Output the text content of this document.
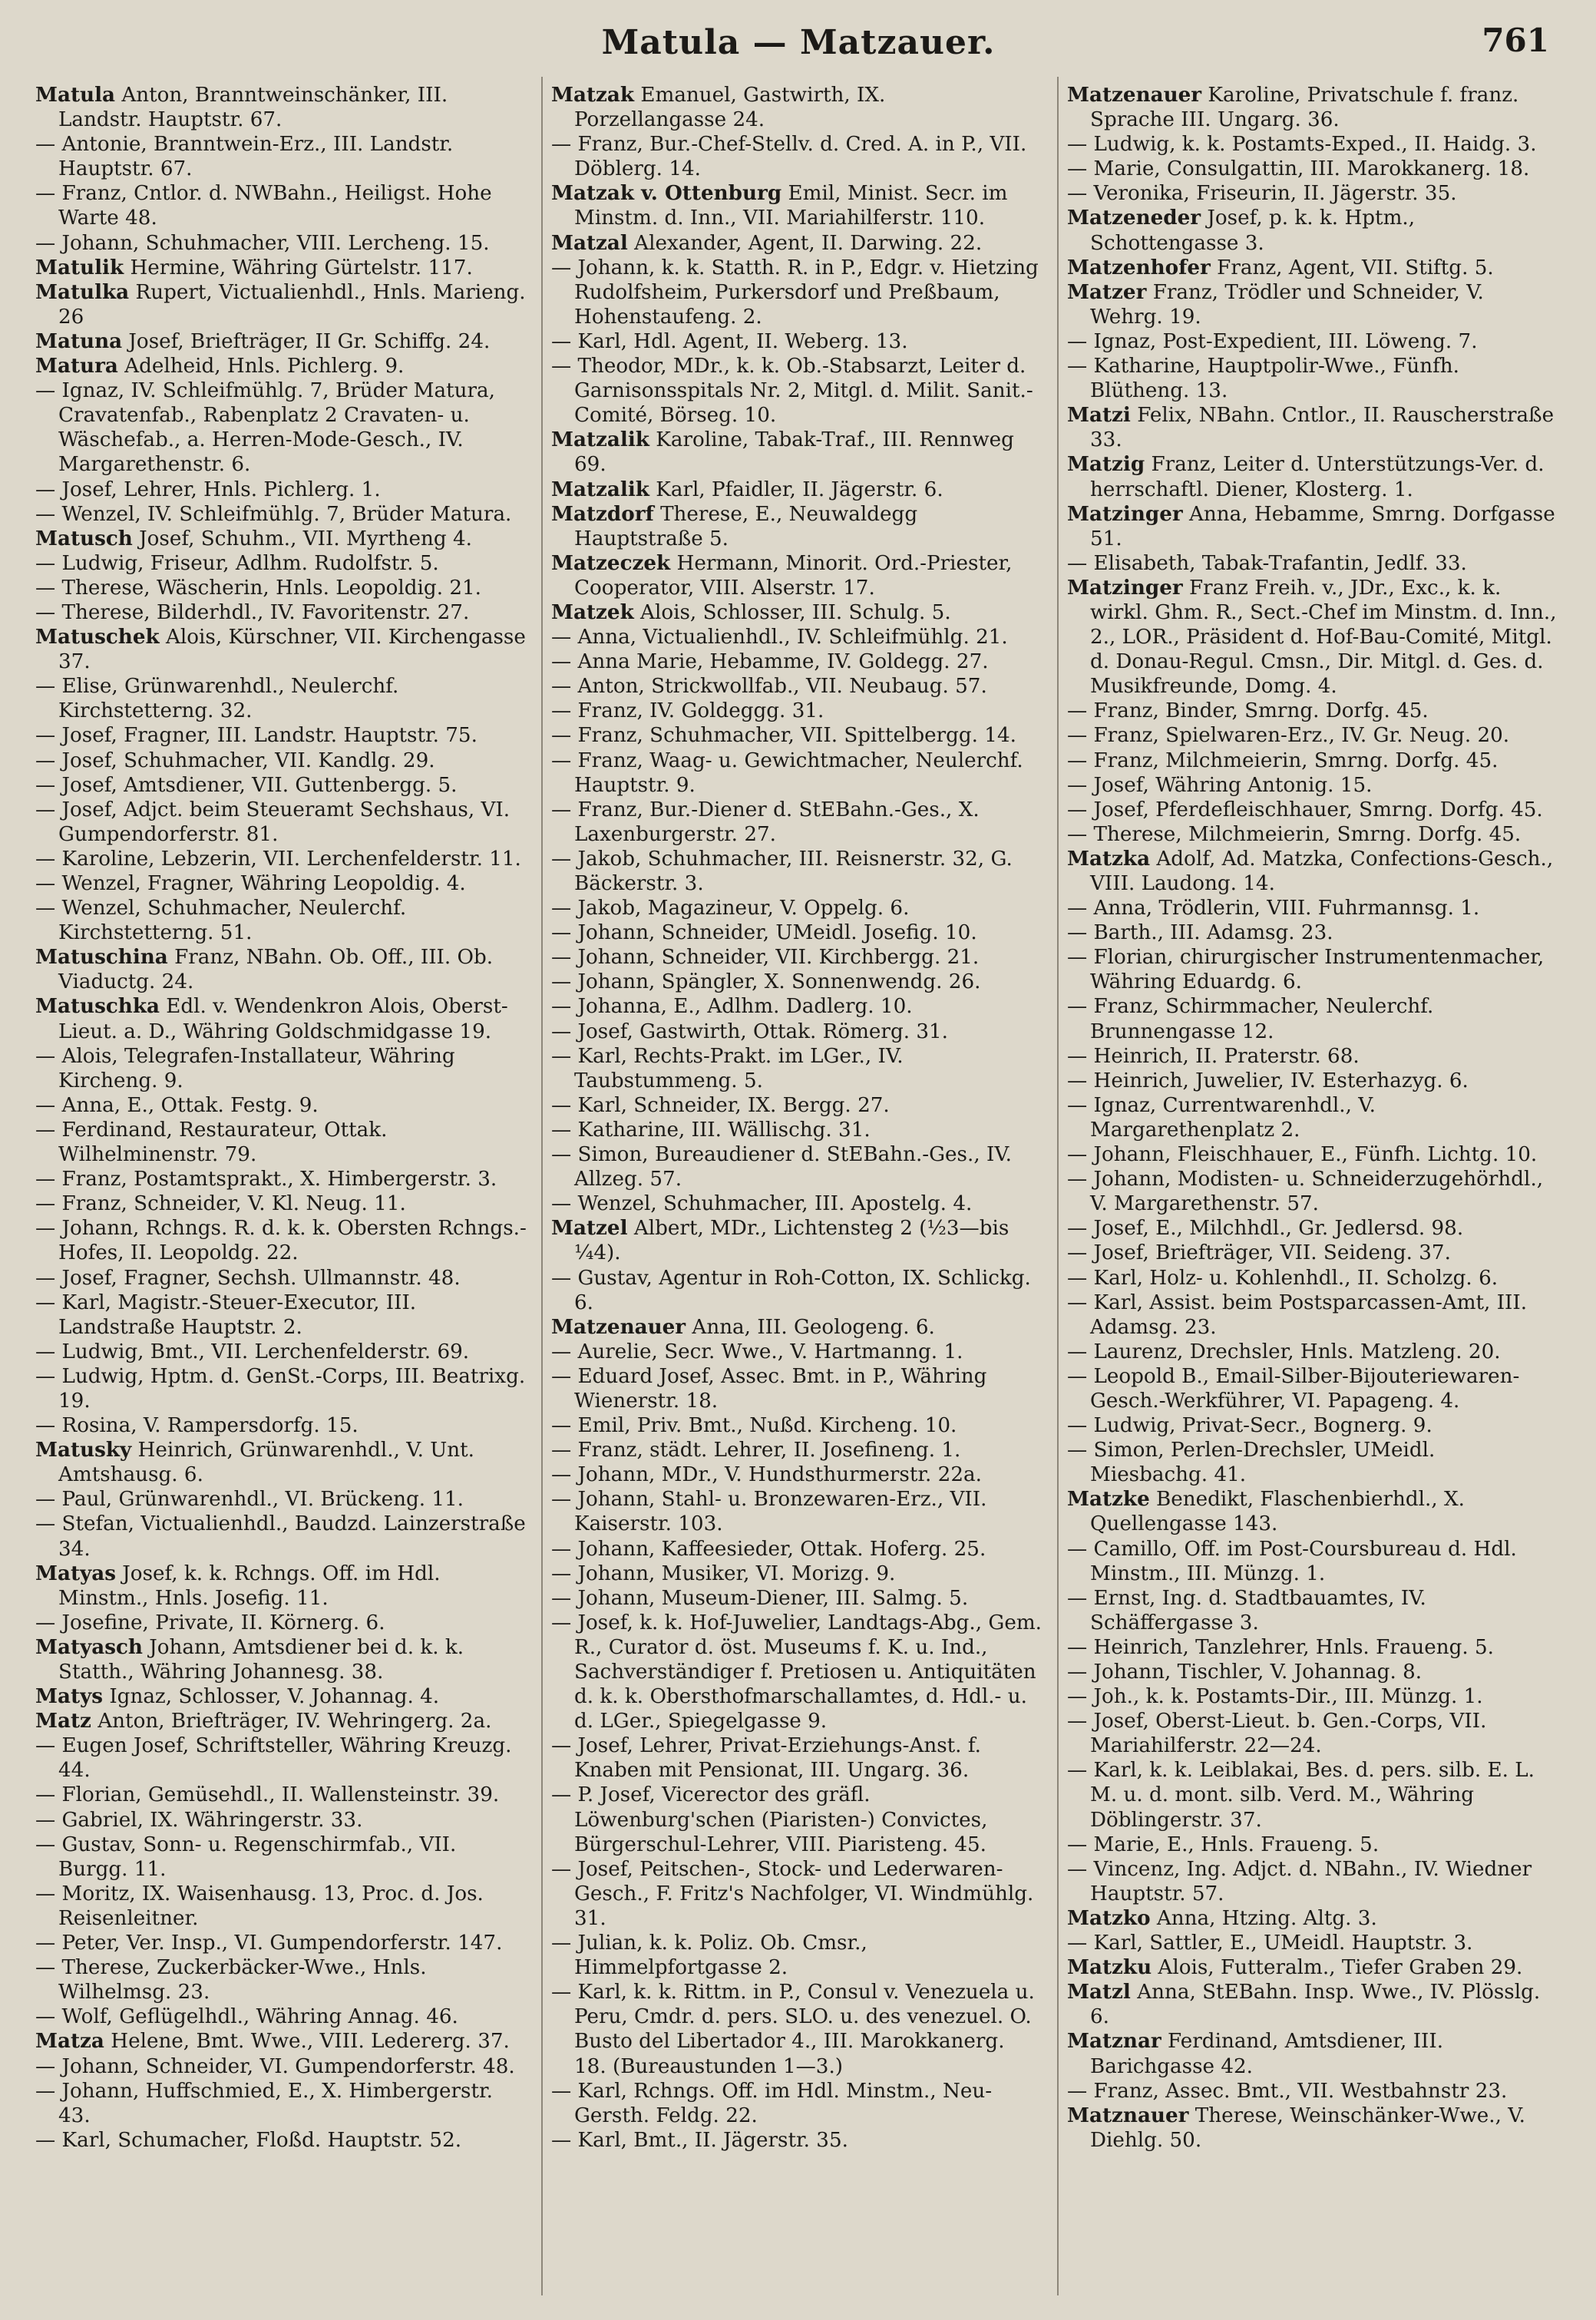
Matula — Matzauer.	761

Matula Anton, Branntweinschänker, III. Landstr. Hauptstr. 67.

— Antonie, Branntwein-Erz., III. Landstr. Hauptstr. 67.

— Franz, Cntlor. d. NWBahn., Heiligst. Hohe Warte 48.

— Johann, Schuhmacher, VIII. Lercheng. 15.

Matulik Hermine, Währing Gürtelstr. 117.

Matulka Rupert, Victualienhdl., Hnls. Marieng. 26

Matuna Josef, Briefträger, II Gr. Schiffg. 24.

Matura Adelheid, Hnls. Pichlerg. 9.

— Ignaz, IV. Schleifmühlg. 7, Brüder Matura, Cravatenfab., Rabenplatz 2 Cravaten- u. Wäschefab., a. Herren-Mode-Gesch., IV. Margarethenstr. 6.

— Josef, Lehrer, Hnls. Pichlerg. 1.

— Wenzel, IV. Schleifmühlg. 7, Brüder Matura.

Matusch Josef, Schuhm., VII. Myrtheng 4.

— Ludwig, Friseur, Adlhm. Rudolfstr. 5.

— Therese, Wäscherin, Hnls. Leopoldig. 21.

— Therese, Bilderhdl., IV. Favoritenstr. 27.

Matuschek Alois, Kürschner, VII. Kirchengasse 37.

— Elise, Grünwarenhdl., Neulerchf. Kirchstetterng. 32.

— Josef, Fragner, III. Landstr. Hauptstr. 75.

— Josef, Schuhmacher, VII. Kandlg. 29.

— Josef, Amtsdiener, VII. Guttenbergg. 5.

— Josef, Adjct. beim Steueramt Sechshaus, VI. Gumpendorferstr. 81.

— Karoline, Lebzerin, VII. Lerchenfelderstr. 11.

— Wenzel, Fragner, Währing Leopoldig. 4.

— Wenzel, Schuhmacher, Neulerchf. Kirchstetterng. 51.

Matuschina Franz, NBahn. Ob. Off., III. Ob. Viaductg. 24.

Matuschka Edl. v. Wendenkron Alois, Oberst-Lieut. a. D., Währing Goldschmidgasse 19.

— Alois, Telegrafen-Installateur, Währing Kircheng. 9.

— Anna, E., Ottak. Festg. 9.

— Ferdinand, Restaurateur, Ottak. Wilhelminenstr. 79.

— Franz, Postamtsprakt., X. Himbergerstr. 3.

— Franz, Schneider, V. Kl. Neug. 11.

— Johann, Rchngs. R. d. k. k. Obersten Rchngs.-Hofes, II. Leopoldg. 22.

— Josef, Fragner, Sechsh. Ullmannstr. 48.

— Karl, Magistr.-Steuer-Executor, III. Landstraße Hauptstr. 2.

— Ludwig, Bmt., VII. Lerchenfelderstr. 69.

— Ludwig, Hptm. d. GenSt.-Corps, III. Beatrixg. 19.

— Rosina, V. Rampersdorfg. 15.

Matusky Heinrich, Grünwarenhdl., V. Unt. Amtshausg. 6.

— Paul, Grünwarenhdl., VI. Brückeng. 11.

— Stefan, Victualienhdl., Baudzd. Lainzerstraße 34.

Matyas Josef, k. k. Rchngs. Off. im Hdl. Minstm., Hnls. Josefig. 11.

— Josefine, Private, II. Körnerg. 6.

Matyasch Johann, Amtsdiener bei d. k. k. Statth., Währing Johannesg. 38.

Matys Ignaz, Schlosser, V. Johannag. 4.

Matz Anton, Briefträger, IV. Wehringerg. 2a.

— Eugen Josef, Schriftsteller, Währing Kreuzg. 44.

— Florian, Gemüsehdl., II. Wallensteinstr. 39.

— Gabriel, IX. Währingerstr. 33.

— Gustav, Sonn- u. Regenschirmfab., VII. Burgg. 11.

— Moritz, IX. Waisenhausg. 13, Proc. d. Jos. Reisenleitner.

— Peter, Ver. Insp., VI. Gumpendorferstr. 147.

— Therese, Zuckerbäcker-Wwe., Hnls. Wilhelmsg. 23.

— Wolf, Geflügelhdl., Währing Annag. 46.

Matza Helene, Bmt. Wwe., VIII. Ledererg. 37.

— Johann, Schneider, VI. Gumpendorferstr. 48.

— Johann, Huffschmied, E., X. Himbergerstr. 43.

— Karl, Schumacher, Floßd. Hauptstr. 52.

Matzak Emanuel, Gastwirth, IX. Porzellangasse 24.

— Franz, Bur.-Chef-Stellv. d. Cred. A. in P., VII. Döblerg. 14.

Matzak v. Ottenburg Emil, Minist. Secr. im Minstm. d. Inn., VII. Mariahilferstr. 110.

Matzal Alexander, Agent, II. Darwing. 22.

— Johann, k. k. Statth. R. in P., Edgr. v. Hietzing Rudolfsheim, Purkersdorf und Preßbaum, Hohenstaufeng. 2.

— Karl, Hdl. Agent, II. Weberg. 13.

— Theodor, MDr., k. k. Ob.-Stabsarzt, Leiter d. Garnisonsspitals Nr. 2, Mitgl. d. Milit. Sanit.-Comité, Börseg. 10.

Matzalik Karoline, Tabak-Traf., III. Rennweg 69.

Matzalik Karl, Pfaidler, II. Jägerstr. 6.

Matzdorf Therese, E., Neuwaldegg Hauptstraße 5.

Matzeczek Hermann, Minorit. Ord.-Priester, Cooperator, VIII. Alserstr. 17.

Matzek Alois, Schlosser, III. Schulg. 5.

— Anna, Victualienhdl., IV. Schleifmühlg. 21.

— Anna Marie, Hebamme, IV. Goldegg. 27.

— Anton, Strickwollfab., VII. Neubaug. 57.

— Franz, IV. Goldeggg. 31.

— Franz, Schuhmacher, VII. Spittelbergg. 14.

— Franz, Waag- u. Gewichtmacher, Neulerchf. Hauptstr. 9.

— Franz, Bur.-Diener d. StEBahn.-Ges., X. Laxenburgerstr. 27.

— Jakob, Schuhmacher, III. Reisnerstr. 32, G. Bäckerstr. 3.

— Jakob, Magazineur, V. Oppelg. 6.

— Johann, Schneider, UMeidl. Josefig. 10.

— Johann, Schneider, VII. Kirchbergg. 21.

— Johann, Spängler, X. Sonnenwendg. 26.

— Johanna, E., Adlhm. Dadlerg. 10.

— Josef, Gastwirth, Ottak. Römerg. 31.

— Karl, Rechts-Prakt. im LGer., IV. Taubstummeng. 5.

— Karl, Schneider, IX. Bergg. 27.

— Katharine, III. Wällischg. 31.

— Simon, Bureaudiener d. StEBahn.-Ges., IV. Allzeg. 57.

— Wenzel, Schuhmacher, III. Apostelg. 4.

Matzel Albert, MDr., Lichtensteg 2 (½3—bis ¼4).

— Gustav, Agentur in Roh-Cotton, IX. Schlickg. 6.

Matzenauer Anna, III. Geologeng. 6.

— Aurelie, Secr. Wwe., V. Hartmanng. 1.

— Eduard Josef, Assec. Bmt. in P., Währing Wienerstr. 18.

— Emil, Priv. Bmt., Nußd. Kircheng. 10.

— Franz, städt. Lehrer, II. Josefineng. 1.

— Johann, MDr., V. Hundsthurmerstr. 22a.

— Johann, Stahl- u. Bronzewaren-Erz., VII. Kaiserstr. 103.

— Johann, Kaffeesieder, Ottak. Hoferg. 25.

— Johann, Musiker, VI. Morizg. 9.

— Johann, Museum-Diener, III. Salmg. 5.

— Josef, k. k. Hof-Juwelier, Landtags-Abg., Gem. R., Curator d. öst. Museums f. K. u. Ind., Sachverständiger f. Pretiosen u. Antiquitäten d. k. k. Obersthofmarschallamtes, d. Hdl.- u. d. LGer., Spiegelgasse 9.

— Josef, Lehrer, Privat-Erziehungs-Anst. f. Knaben mit Pensionat, III. Ungarg. 36.

— P. Josef, Vicerector des gräfl. Löwenburg'schen (Piaristen-) Convictes, Bürgerschul-Lehrer, VIII. Piaristeng. 45.

— Josef, Peitschen-, Stock- und Lederwaren-Gesch., F. Fritz's Nachfolger, VI. Windmühlg. 31.

— Julian, k. k. Poliz. Ob. Cmsr., Himmelpfortgasse 2.

— Karl, k. k. Rittm. in P., Consul v. Venezuela u. Peru, Cmdr. d. pers. SLO. u. des venezuel. O. Busto del Libertador 4., III. Marokkanerg. 18. (Bureaustunden 1—3.)

— Karl, Rchngs. Off. im Hdl. Minstm., Neu-Gersth. Feldg. 22.

— Karl, Bmt., II. Jägerstr. 35.

Matzenauer Karoline, Privatschule f. franz. Sprache III. Ungarg. 36.

— Ludwig, k. k. Postamts-Exped., II. Haidg. 3.

— Marie, Consulgattin, III. Marokkanerg. 18.

— Veronika, Friseurin, II. Jägerstr. 35.

Matzeneder Josef, p. k. k. Hptm., Schottengasse 3.

Matzenhofer Franz, Agent, VII. Stiftg. 5.

Matzer Franz, Trödler und Schneider, V. Wehrg. 19.

— Ignaz, Post-Expedient, III. Löweng. 7.

— Katharine, Hauptpolir-Wwe., Fünfh. Blütheng. 13.

Matzi Felix, NBahn. Cntlor., II. Rauscherstraße 33.

Matzig Franz, Leiter d. Unterstützungs-Ver. d. herrschaftl. Diener, Klosterg. 1.

Matzinger Anna, Hebamme, Smrng. Dorfgasse 51.

— Elisabeth, Tabak-Trafantin, Jedlf. 33.

Matzinger Franz Freih. v., JDr., Exc., k. k. wirkl. Ghm. R., Sect.-Chef im Minstm. d. Inn., 2., LOR., Präsident d. Hof-Bau-Comité, Mitgl. d. Donau-Regul. Cmsn., Dir. Mitgl. d. Ges. d. Musikfreunde, Domg. 4.

— Franz, Binder, Smrng. Dorfg. 45.

— Franz, Spielwaren-Erz., IV. Gr. Neug. 20.

— Franz, Milchmeierin, Smrng. Dorfg. 45.

— Josef, Währing Antonig. 15.

— Josef, Pferdefleischhauer, Smrng. Dorfg. 45.

— Therese, Milchmeierin, Smrng. Dorfg. 45.

Matzka Adolf, Ad. Matzka, Confections-Gesch., VIII. Laudong. 14.

— Anna, Trödlerin, VIII. Fuhrmannsg. 1.

— Barth., III. Adamsg. 23.

— Florian, chirurgischer Instrumentenmacher, Währing Eduardg. 6.

— Franz, Schirmmacher, Neulerchf. Brunnengasse 12.

— Heinrich, II. Praterstr. 68.

— Heinrich, Juwelier, IV. Esterhazyg. 6.

— Ignaz, Currentwarenhdl., V. Margarethenplatz 2.

— Johann, Fleischhauer, E., Fünfh. Lichtg. 10.

— Johann, Modisten- u. Schneiderzugehörhdl., V. Margarethenstr. 57.

— Josef, E., Milchhdl., Gr. Jedlersd. 98.

— Josef, Briefträger, VII. Seideng. 37.

— Karl, Holz- u. Kohlenhdl., II. Scholzg. 6.

— Karl, Assist. beim Postsparcassen-Amt, III. Adamsg. 23.

— Laurenz, Drechsler, Hnls. Matzleng. 20.

— Leopold B., Email-Silber-Bijouteriewaren-Gesch.-Werkführer, VI. Papageng. 4.

— Ludwig, Privat-Secr., Bognerg. 9.

— Simon, Perlen-Drechsler, UMeidl. Miesbachg. 41.

Matzke Benedikt, Flaschenbierhdl., X. Quellengasse 143.

— Camillo, Off. im Post-Coursbureau d. Hdl. Minstm., III. Münzg. 1.

— Ernst, Ing. d. Stadtbauamtes, IV. Schäffergasse 3.

— Heinrich, Tanzlehrer, Hnls. Fraueng. 5.

— Johann, Tischler, V. Johannag. 8.

— Joh., k. k. Postamts-Dir., III. Münzg. 1.

— Josef, Oberst-Lieut. b. Gen.-Corps, VII. Mariahilferstr. 22—24.

— Karl, k. k. Leiblakai, Bes. d. pers. silb. E. L. M. u. d. mont. silb. Verd. M., Währing Döblingerstr. 37.

— Marie, E., Hnls. Fraueng. 5.

— Vincenz, Ing. Adjct. d. NBahn., IV. Wiedner Hauptstr. 57.

Matzko Anna, Htzing. Altg. 3.

— Karl, Sattler, E., UMeidl. Hauptstr. 3.

Matzku Alois, Futteralm., Tiefer Graben 29.

Matzl Anna, StEBahn. Insp. Wwe., IV. Plösslg. 6.

Matznar Ferdinand, Amtsdiener, III. Barichgasse 42.

— Franz, Assec. Bmt., VII. Westbahnstr 23.

Matznauer Therese, Weinschänker-Wwe., V. Diehlg. 50.
